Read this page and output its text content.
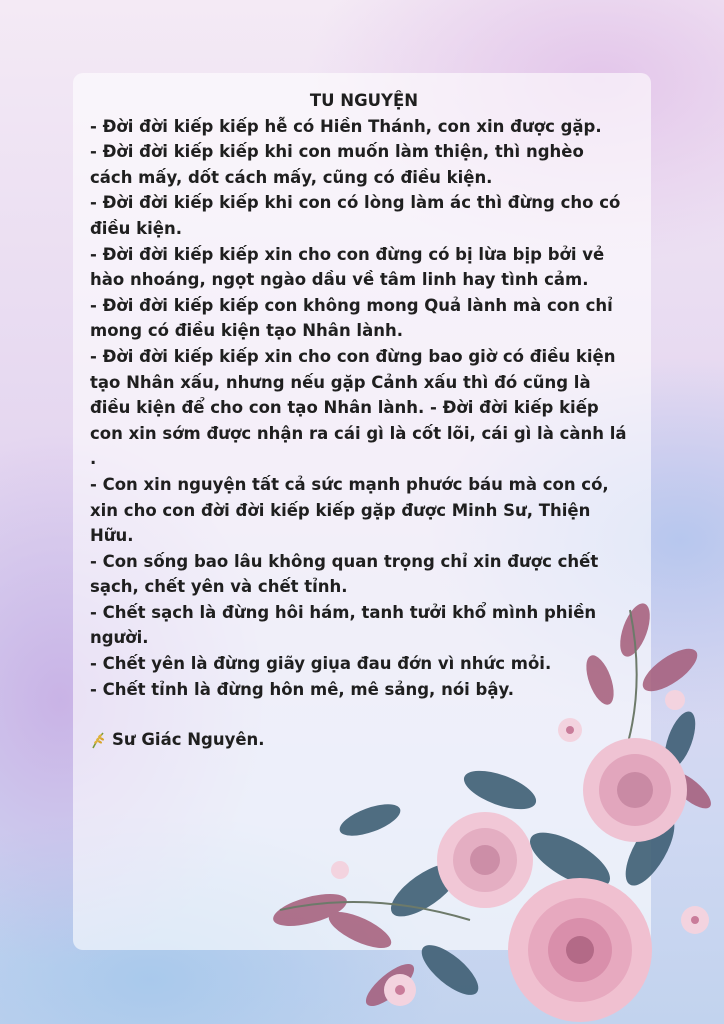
TU NGUYỆN

- Đời đời kiếp kiếp hễ có Hiền Thánh, con xin được gặp.

- Đời đời kiếp kiếp khi con muốn làm thiện, thì nghèo cách mấy, dốt cách mấy, cũng có điều kiện.

- Đời đời kiếp kiếp khi con có lòng làm ác thì đừng cho có điều kiện.

- Đời đời kiếp kiếp xin cho con đừng có bị lừa bịp bởi vẻ hào nhoáng, ngọt ngào dầu về tâm linh hay tình cảm.

- Đời đời kiếp kiếp con không mong Quả lành mà con chỉ mong có điều kiện tạo Nhân lành.

- Đời đời kiếp kiếp xin cho con đừng bao giờ có điều kiện tạo Nhân xấu, nhưng nếu gặp Cảnh xấu thì đó cũng là điều kiện để cho con tạo Nhân lành. - Đời đời kiếp kiếp con xin sớm được nhận ra cái gì là cốt lõi, cái gì là cành lá .

- Con xin nguyện tất cả sức mạnh phước báu mà con có, xin cho con đời đời kiếp kiếp gặp được Minh Sư, Thiện Hữu.

- Con sống bao lâu không quan trọng chỉ xin được chết sạch, chết yên và chết tỉnh.

- Chết sạch là đừng hôi hám, tanh tưởi khổ mình phiền người.

- Chết yên là đừng giãy giụa đau đớn vì nhức mỏi.

- Chết tỉnh là đừng hôn mê, mê sảng, nói bậy.

Sư Giác Nguyên.
